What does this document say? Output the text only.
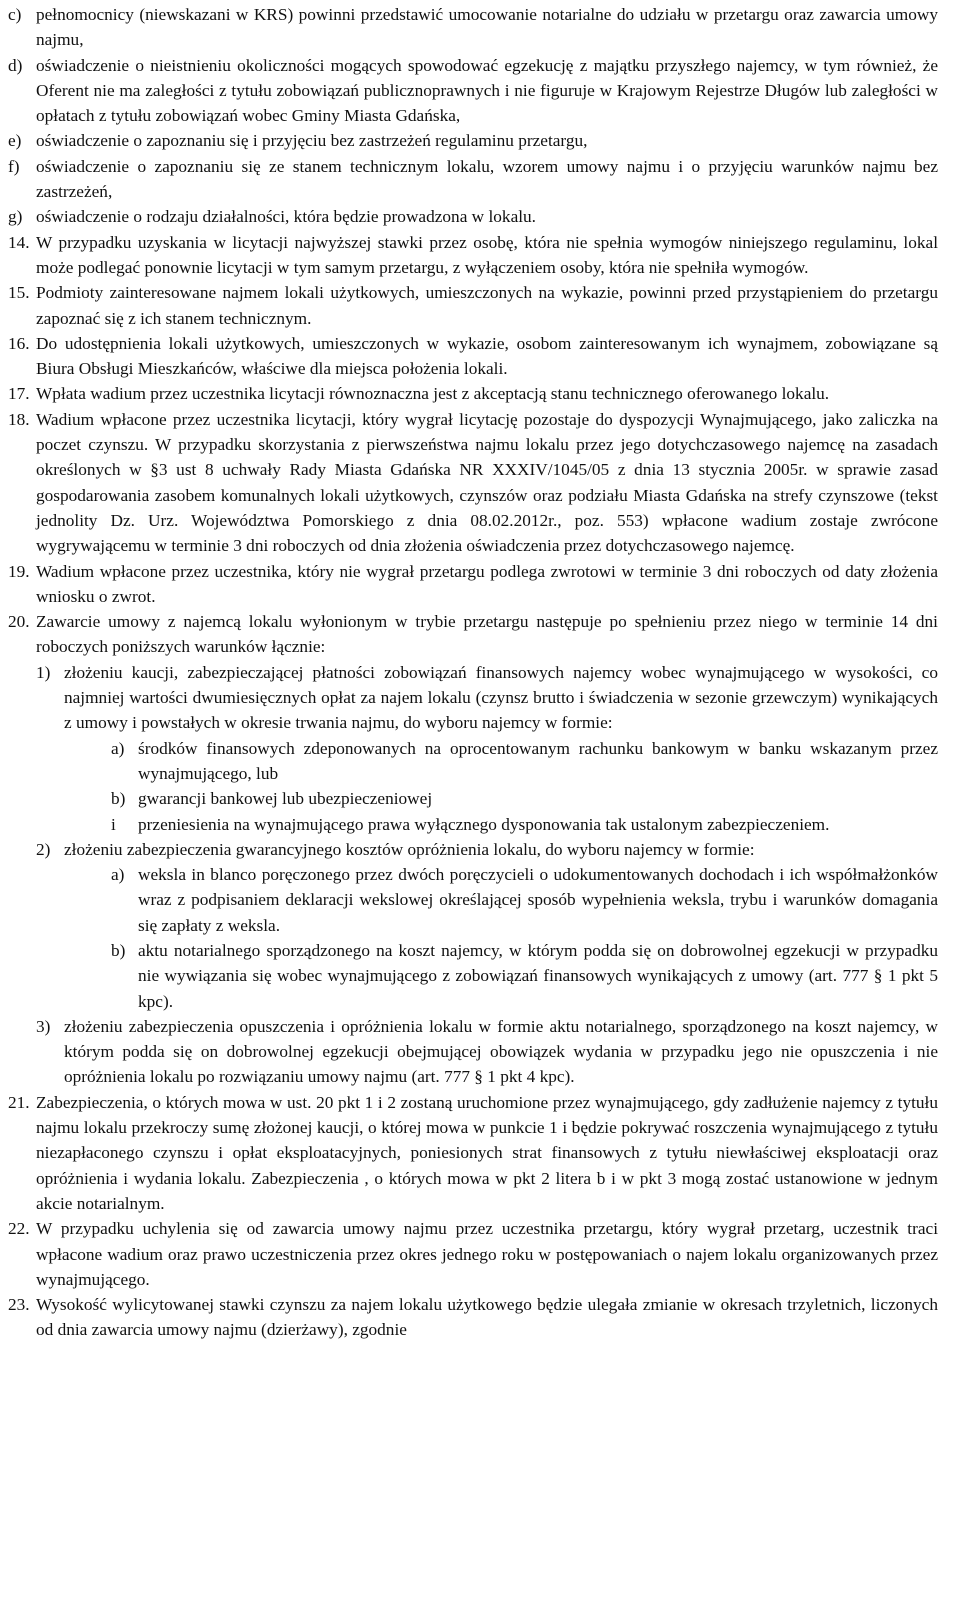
c) pełnomocnicy (niewskazani w KRS) powinni przedstawić umocowanie notarialne do udziału w przetargu oraz zawarcia umowy najmu,
d) oświadczenie o nieistnieniu okoliczności mogących spowodować egzekucję z majątku przyszłego najemcy, w tym również, że Oferent nie ma zaległości z tytułu zobowiązań publicznoprawnych i nie figuruje w Krajowym Rejestrze Długów lub zaległości w opłatach z tytułu zobowiązań wobec Gminy Miasta Gdańska,
e) oświadczenie o zapoznaniu się i przyjęciu bez zastrzeżeń regulaminu przetargu,
f) oświadczenie o zapoznaniu się ze stanem technicznym lokalu, wzorem umowy najmu i o przyjęciu warunków najmu bez zastrzeżeń,
g) oświadczenie o rodzaju działalności, która będzie prowadzona w lokalu.
14. W przypadku uzyskania w licytacji najwyższej stawki przez osobę, która nie spełnia wymogów niniejszego regulaminu, lokal może podlegać ponownie licytacji w tym samym przetargu, z wyłączeniem osoby, która nie spełniła wymogów.
15. Podmioty zainteresowane najmem lokali użytkowych, umieszczonych na wykazie, powinni przed przystąpieniem do przetargu zapoznać się z ich stanem technicznym.
16. Do udostępnienia lokali użytkowych, umieszczonych w wykazie, osobom zainteresowanym ich wynajmem, zobowiązane są Biura Obsługi Mieszkańców, właściwe dla miejsca położenia lokali.
17. Wpłata wadium przez uczestnika licytacji równoznaczna jest z akceptacją stanu technicznego oferowanego lokalu.
18. Wadium wpłacone przez uczestnika licytacji, który wygrał licytację pozostaje do dyspozycji Wynajmującego, jako zaliczka na poczet czynszu. W przypadku skorzystania z pierwszeństwa najmu lokalu przez jego dotychczasowego najemcę na zasadach określonych w §3 ust 8 uchwały Rady Miasta Gdańska NR XXXIV/1045/05 z dnia 13 stycznia 2005r. w sprawie zasad gospodarowania zasobem komunalnych lokali użytkowych, czynszów oraz podziału Miasta Gdańska na strefy czynszowe (tekst jednolity Dz. Urz. Województwa Pomorskiego z dnia 08.02.2012r., poz. 553) wpłacone wadium zostaje zwrócone wygrywającemu w terminie 3 dni roboczych od dnia złożenia oświadczenia przez dotychczasowego najemcę.
19. Wadium wpłacone przez uczestnika, który nie wygrał przetargu podlega zwrotowi w terminie 3 dni roboczych od daty złożenia wniosku o zwrot.
20. Zawarcie umowy z najemcą lokalu wyłonionym w trybie przetargu następuje po spełnieniu przez niego w terminie 14 dni roboczych poniższych warunków łącznie:

1) złożeniu kaucji, zabezpieczającej płatności zobowiązań finansowych najemcy wobec wynajmującego w wysokości, co najmniej wartości dwumiesięcznych opłat za najem lokalu (czynsz brutto i świadczenia w sezonie grzewczym) wynikających z umowy i powstałych w okresie trwania najmu, do wyboru najemcy w formie:
a) środków finansowych zdeponowanych na oprocentowanym rachunku bankowym w banku wskazanym przez wynajmującego, lub
b) gwarancji bankowej lub ubezpieczeniowej
i	przeniesienia na wynajmującego prawa wyłącznego dysponowania tak ustalonym zabezpieczeniem.
2) złożeniu zabezpieczenia gwarancyjnego kosztów opróżnienia lokalu, do wyboru najemcy w formie:
a) weksla in blanco poręczonego przez dwóch poręczycieli o udokumentowanych dochodach i ich współmałżonków wraz z podpisaniem deklaracji wekslowej określającej sposób wypełnienia weksla, trybu i warunków domagania się zapłaty z weksla.
b) aktu notarialnego sporządzonego na koszt najemcy, w którym podda się on dobrowolnej egzekucji w przypadku nie wywiązania się wobec wynajmującego z zobowiązań finansowych wynikających z umowy (art. 777 § 1 pkt 5 kpc).
3) złożeniu zabezpieczenia opuszczenia i opróżnienia lokalu w formie aktu notarialnego, sporządzonego na koszt najemcy, w którym podda się on dobrowolnej egzekucji obejmującej obowiązek wydania w przypadku jego nie opuszczenia i nie opróżnienia lokalu po rozwiązaniu umowy najmu (art. 777 § 1 pkt 4 kpc).
21. Zabezpieczenia, o których mowa w ust. 20 pkt 1 i 2 zostaną uruchomione przez wynajmującego, gdy zadłużenie najemcy z tytułu najmu lokalu przekroczy sumę złożonej kaucji, o której mowa w punkcie 1 i będzie pokrywać roszczenia wynajmującego z tytułu niezapłaconego czynszu i opłat eksploatacyjnych, poniesionych strat finansowych z tytułu niewłaściwej eksploatacji oraz opróżnienia i wydania lokalu. Zabezpieczenia , o których mowa w pkt 2 litera b i w pkt 3 mogą zostać ustanowione w jednym akcie notarialnym.
22. W przypadku uchylenia się od zawarcia umowy najmu przez uczestnika przetargu, który wygrał przetarg, uczestnik traci wpłacone wadium oraz prawo uczestniczenia przez okres jednego roku w postępowaniach o najem lokalu organizowanych przez wynajmującego.
23. Wysokość wylicytowanej stawki czynszu za najem lokalu użytkowego będzie ulegała zmianie w okresach trzyletnich, liczonych od dnia zawarcia umowy najmu (dzierżawy), zgodnie
